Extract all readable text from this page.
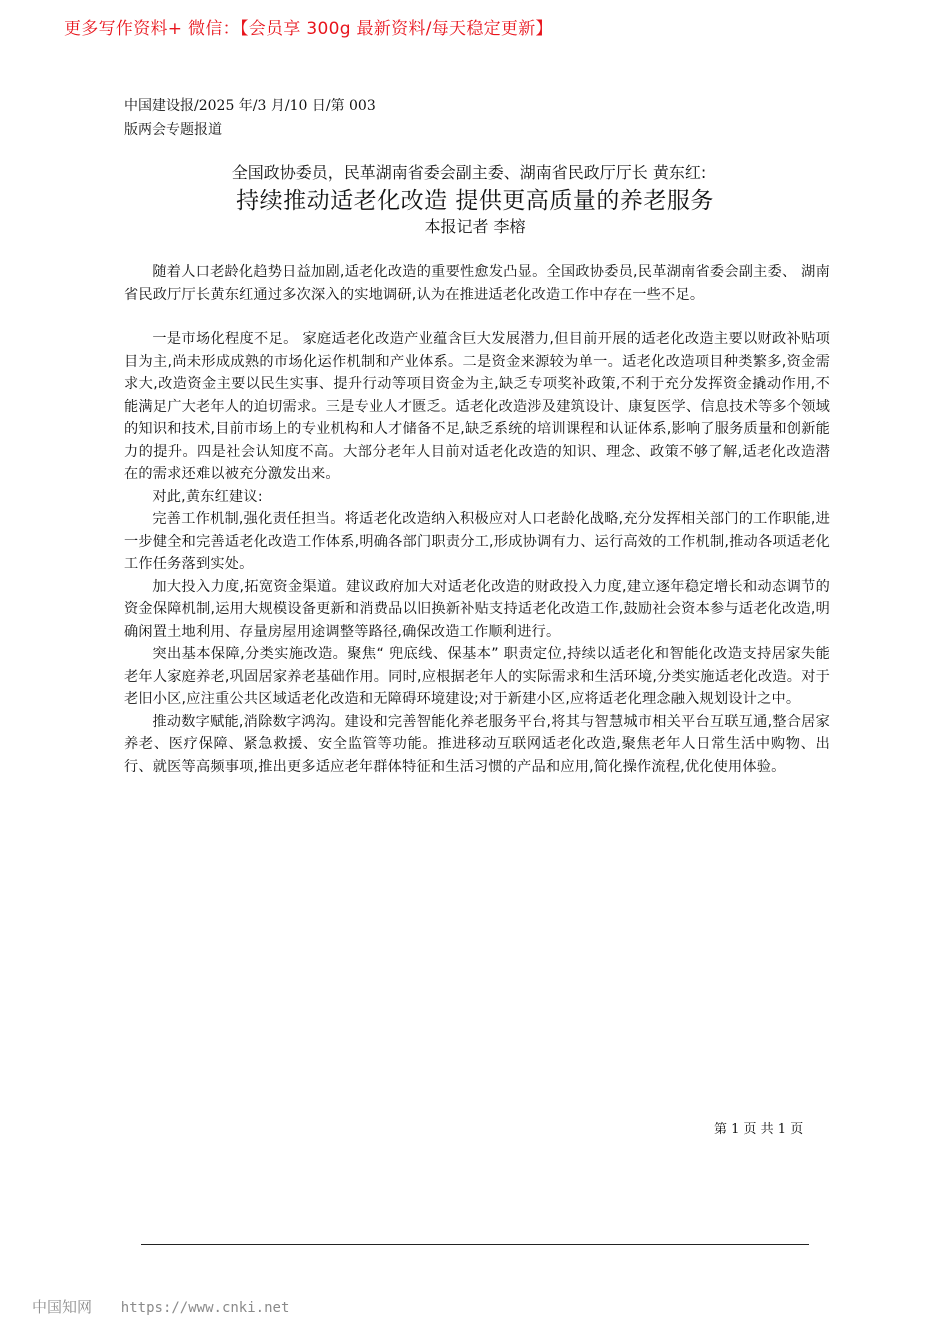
更多写作资料+ 微信：【会员享 300g 最新资料/每天稳定更新】
中国建设报/2025 年/3 月/10 日/第 003
版两会专题报道
全国政协委员，民革湖南省委会副主委、湖南省民政厅厅长 黄东红:
持续推动适老化改造 提供更高质量的养老服务
本报记者 李榕

随着人口老龄化趋势日益加剧,适老化改造的重要性愈发凸显。全国政协委员,民革湖南省委会副主委、 湖南省民政厅厅长黄东红通过多次深入的实地调研,认为在推进适老化改造工作中存在一些不足。

一是市场化程度不足。 家庭适老化改造产业蕴含巨大发展潜力,但目前开展的适老化改造主要以财政补贴项目为主,尚未形成成熟的市场化运作机制和产业体系。二是资金来源较为单一。适老化改造项目种类繁多,资金需求大,改造资金主要以民生实事、提升行动等项目资金为主,缺乏专项奖补政策,不利于充分发挥资金撬动作用,不能满足广大老年人的迫切需求。三是专业人才匮乏。适老化改造涉及建筑设计、康复医学、信息技术等多个领域的知识和技术,目前市场上的专业机构和人才储备不足,缺乏系统的培训课程和认证体系,影响了服务质量和创新能力的提升。四是社会认知度不高。大部分老年人目前对适老化改造的知识、理念、政策不够了解,适老化改造潜在的需求还难以被充分激发出来。

对此,黄东红建议:

完善工作机制,强化责任担当。将适老化改造纳入积极应对人口老龄化战略,充分发挥相关部门的工作职能,进一步健全和完善适老化改造工作体系,明确各部门职责分工,形成协调有力、运行高效的工作机制,推动各项适老化工作任务落到实处。

加大投入力度,拓宽资金渠道。建议政府加大对适老化改造的财政投入力度,建立逐年稳定增长和动态调节的资金保障机制,运用大规模设备更新和消费品以旧换新补贴支持适老化改造工作,鼓励社会资本参与适老化改造,明确闲置土地利用、存量房屋用途调整等路径,确保改造工作顺利进行。

突出基本保障,分类实施改造。聚焦“ 兜底线、保基本” 职责定位,持续以适老化和智能化改造支持居家失能老年人家庭养老,巩固居家养老基础作用。同时,应根据老年人的实际需求和生活环境,分类实施适老化改造。对于老旧小区,应注重公共区域适老化改造和无障碍环境建设;对于新建小区,应将适老化理念融入规划设计之中。

推动数字赋能,消除数字鸿沟。建设和完善智能化养老服务平台,将其与智慧城市相关平台互联互通,整合居家养老、医疗保障、紧急救援、安全监管等功能。推进移动互联网适老化改造,聚焦老年人日常生活中购物、出行、就医等高频事项,推出更多适应老年群体特征和生活习惯的产品和应用,简化操作流程,优化使用体验。

第 1 页 共 1 页
中国知网 https://www.cnki.net
